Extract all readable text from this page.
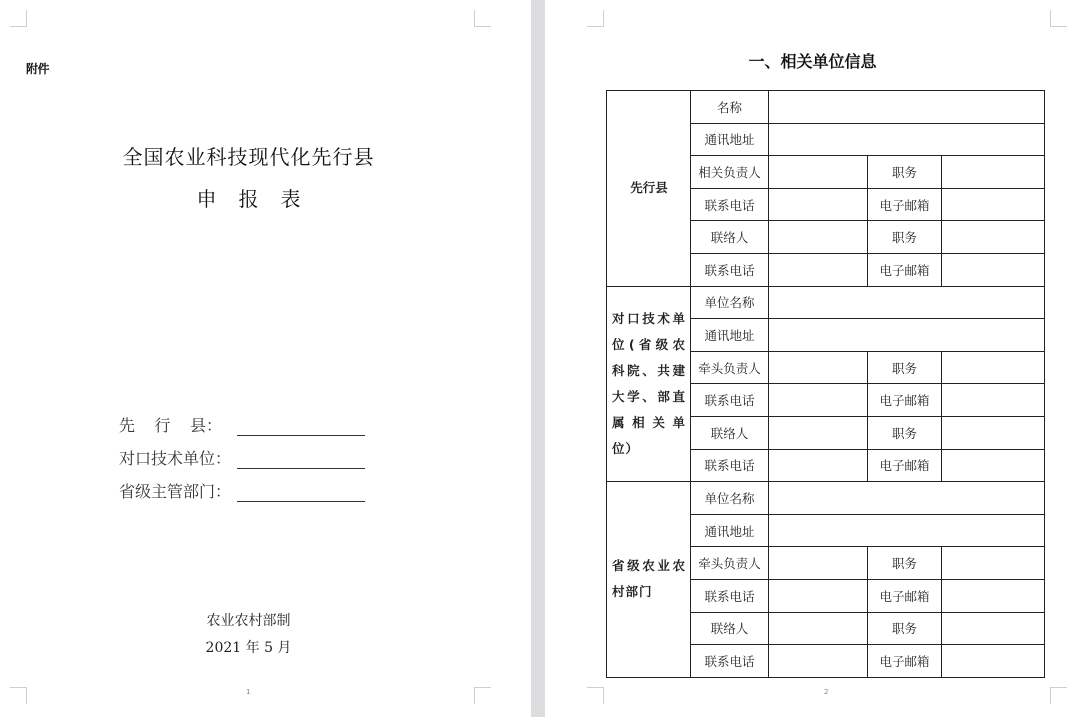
附件
全国农业科技现代化先行县
申 报 表
先 行 县：
对口技术单位：
省级主管部门：
农业农村部制
2021 年 5 月
1
一、相关单位信息
先行县	名称			
	通讯地址			
	相关负责人		职务	
	联系电话		电子邮箱	
	联络人		职务	
	联系电话		电子邮箱	
对口技术单位(省级农科院、共建大学、部直属相关单位）	单位名称			
	通讯地址			
	牵头负责人		职务	
	联系电话		电子邮箱	
	联络人		职务	
	联系电话		电子邮箱	
省级农业农村部门	单位名称			
	通讯地址			
	牵头负责人		职务	
	联系电话		电子邮箱	
	联络人		职务	
	联系电话		电子邮箱	
2
